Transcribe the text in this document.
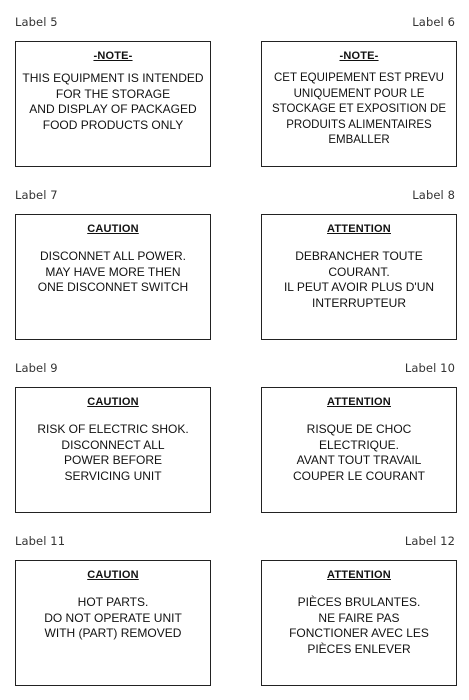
Label 5	Label 6
-NOTE-
THIS EQUIPMENT IS INTENDED
FOR THE STORAGE
AND DISPLAY OF PACKAGED
FOOD PRODUCTS ONLY
-NOTE-
CET EQUIPEMENT EST PREVU
UNIQUEMENT POUR LE
STOCKAGE ET EXPOSITION DE
PRODUITS ALIMENTAIRES
EMBALLER
Label 7	Label 8
CAUTION
DISCONNET ALL POWER.
MAY HAVE MORE THEN
ONE DISCONNET SWITCH
ATTENTION
DEBRANCHER TOUTE
COURANT.
IL PEUT AVOIR PLUS D'UN
INTERRUPTEUR
Label 9	Label 10
CAUTION
RISK OF ELECTRIC SHOK.
DISCONNECT ALL
POWER BEFORE
SERVICING UNIT
ATTENTION
RISQUE DE CHOC
ELECTRIQUE.
AVANT TOUT TRAVAIL
COUPER LE COURANT
Label 11	Label 12
CAUTION
HOT PARTS.
DO NOT OPERATE UNIT
WITH (PART) REMOVED
ATTENTION
PIÈCES BRULANTES.
NE FAIRE PAS
FONCTIONER AVEC LES
PIÈCES ENLEVER
